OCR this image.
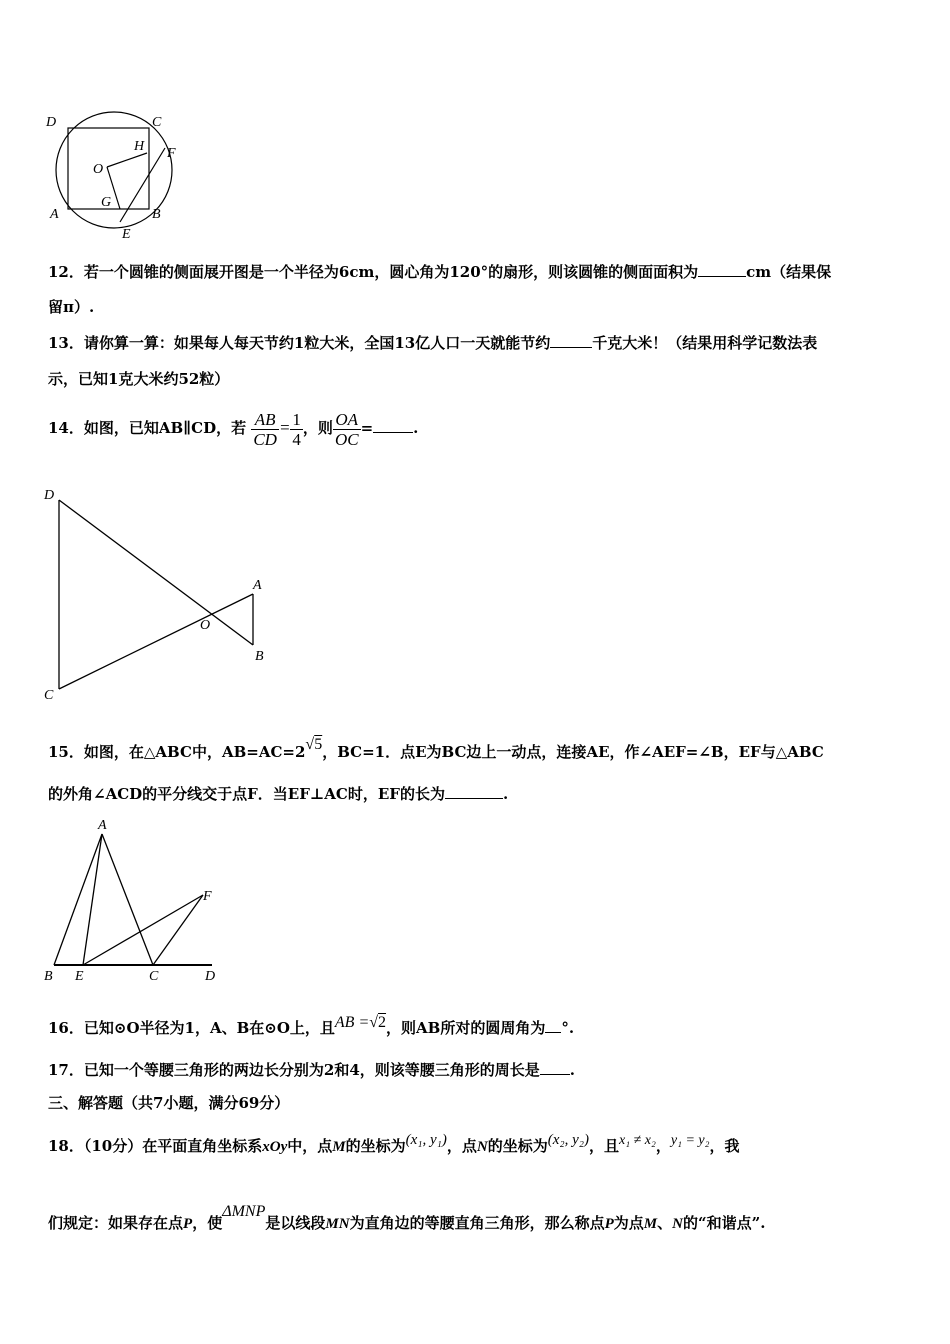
D	C
H F
O
G
A	B
E
12．若一个圆锥的侧面展开图是一个半径为6cm，圆心角为120°的扇形，则该圆锥的侧面面积为	cm（结果保
留π）.
13．请你算一算：如果每人每天节约1粒大米，全国13亿人口一天就能节约	千克大米！（结果用科学记数法表
示，已知1克大米约52粒）
14．如图，已知AB∥CD，若 $\frac{AB}{CD} = \frac{1}{4}$ ，则 $\frac{OA}{OC}$ =	.
D
A
O
B
C
15．如图，在△ABC中，AB=AC=2√5，BC=1．点E为BC边上一动点，连接AE，作∠AEF=∠B，EF与△ABC
的外角∠ACD的平分线交于点F．当EF⊥AC时，EF的长为	.
A
F
B E	C	D
16．已知⊙O半径为1，A、B在⊙O上，且AB =√2，则AB所对的圆周角为 °.
17．已知一个等腰三角形的两边长分别为2和4，则该等腰三角形的周长是 .
三、解答题（共7小题，满分69分）
18．（10分）在平面直角坐标系xOy中，点M的坐标为(x₁, y₁)，点N的坐标为(x₂, y₂)，且x₁ ≠ x₂，y₁ = y₂，我
们规定：如果存在点P，使ΔMNP是以线段MN为直角边的等腰直角三角形，那么称点P为点M、N的“和谐点”.
